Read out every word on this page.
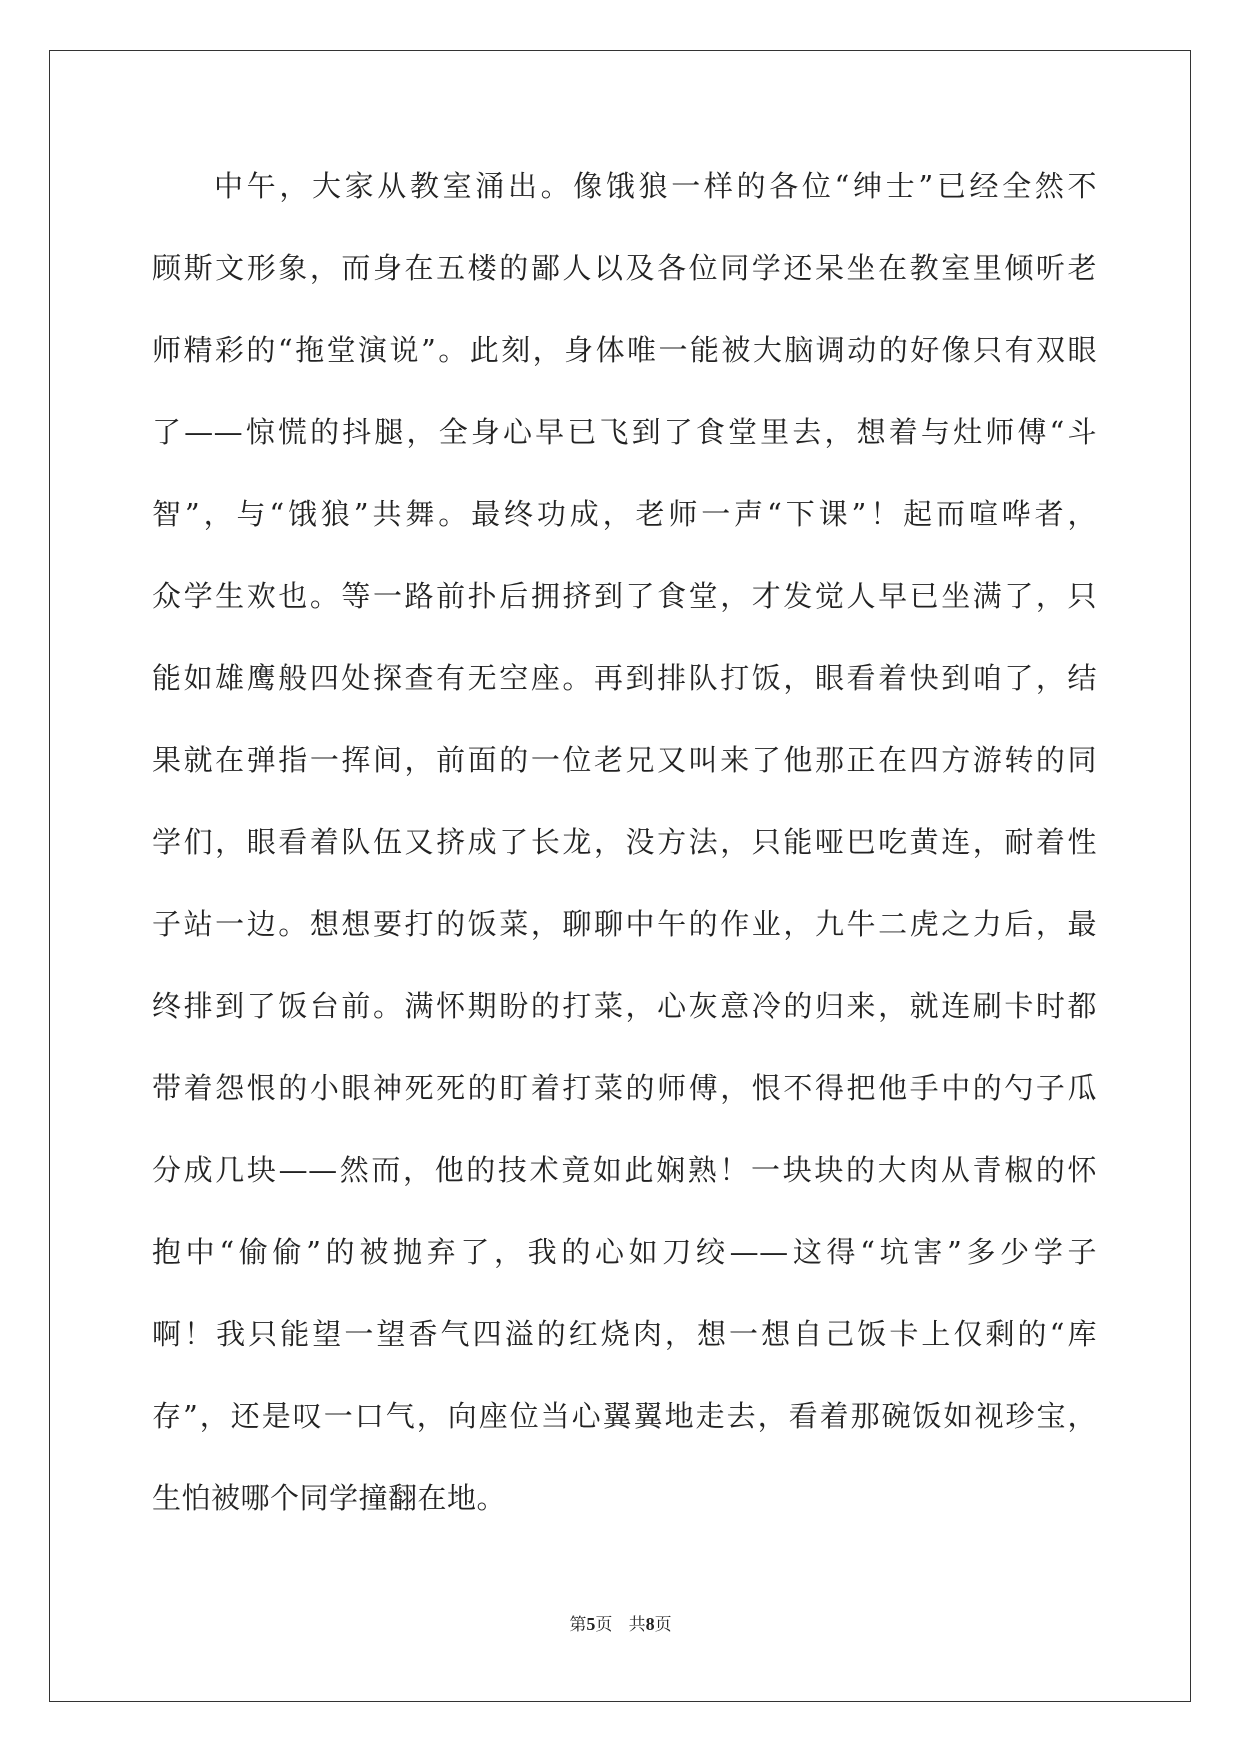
中午，大家从教室涌出。像饿狼一样的各位“绅士”已经全然不
顾斯文形象，而身在五楼的鄙人以及各位同学还呆坐在教室里倾听老
师精彩的“拖堂演说”。此刻，身体唯一能被大脑调动的好像只有双眼
了——惊慌的抖腿，全身心早已飞到了食堂里去，想着与灶师傅“斗
智”，与“饿狼”共舞。最终功成，老师一声“下课”！起而喧哗者，
众学生欢也。等一路前扑后拥挤到了食堂，才发觉人早已坐满了，只
能如雄鹰般四处探查有无空座。再到排队打饭，眼看着快到咱了，结
果就在弹指一挥间，前面的一位老兄又叫来了他那正在四方游转的同
学们，眼看着队伍又挤成了长龙，没方法，只能哑巴吃黄连，耐着性
子站一边。想想要打的饭菜，聊聊中午的作业，九牛二虎之力后，最
终排到了饭台前。满怀期盼的打菜，心灰意冷的归来，就连刷卡时都
带着怨恨的小眼神死死的盯着打菜的师傅，恨不得把他手中的勺子瓜
分成几块——然而，他的技术竟如此娴熟！一块块的大肉从青椒的怀
抱中“偷偷”的被抛弃了，我的心如刀绞——这得“坑害”多少学子
啊！我只能望一望香气四溢的红烧肉，想一想自己饭卡上仅剩的“库
存”，还是叹一口气，向座位当心翼翼地走去，看着那碗饭如视珍宝，
生怕被哪个同学撞翻在地。
第5页 共8页
